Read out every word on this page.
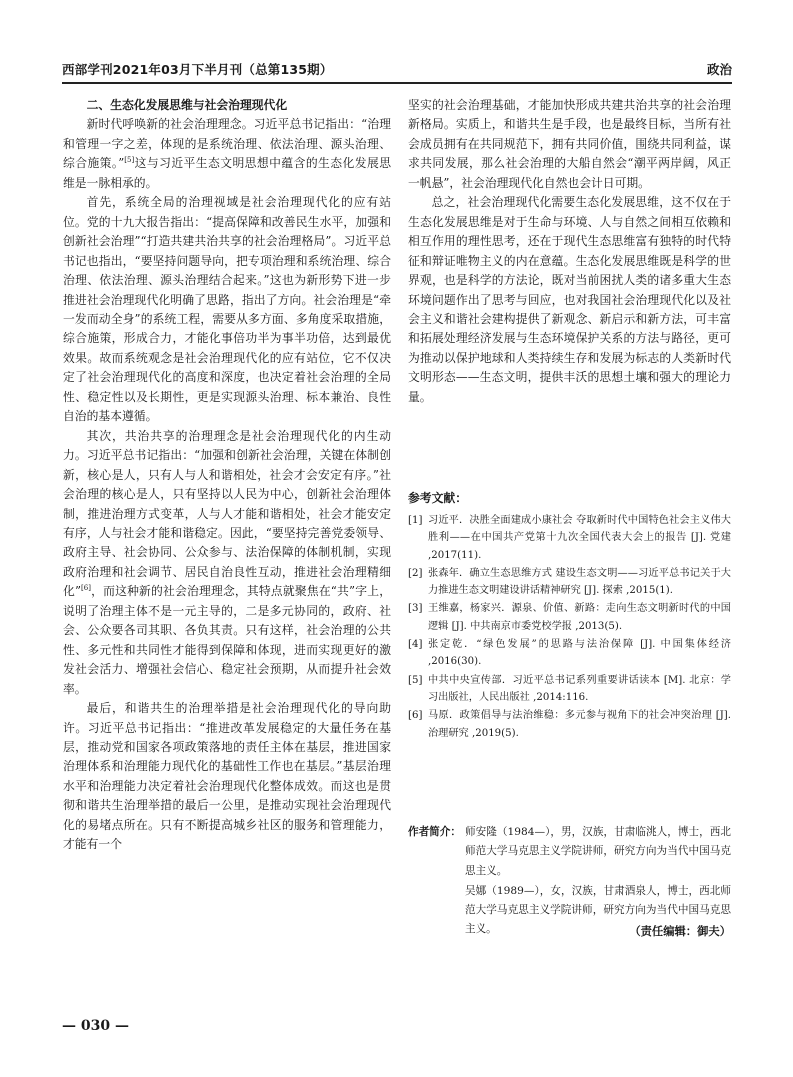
西部学刊2021年03月下半月刊（总第135期）	政治
二、生态化发展思维与社会治理现代化

新时代呼唤新的社会治理理念。习近平总书记指出：“治理和管理一字之差，体现的是系统治理、依法治理、源头治理、综合施策。”[5]这与习近平生态文明思想中蕴含的生态化发展思维是一脉相承的。

首先，系统全局的治理视域是社会治理现代化的应有站位。党的十九大报告指出：“提高保障和改善民生水平，加强和创新社会治理”“打造共建共治共享的社会治理格局”。习近平总书记也指出，“要坚持问题导向，把专项治理和系统治理、综合治理、依法治理、源头治理结合起来。”这也为新形势下进一步推进社会治理现代化明确了思路，指出了方向。社会治理是“牵一发而动全身”的系统工程，需要从多方面、多角度采取措施，综合施策，形成合力，才能化事倍功半为事半功倍，达到最优效果。故而系统观念是社会治理现代化的应有站位，它不仅决定了社会治理现代化的高度和深度，也决定着社会治理的全局性、稳定性以及长期性，更是实现源头治理、标本兼治、良性自治的基本遵循。

其次，共治共享的治理理念是社会治理现代化的内生动力。习近平总书记指出：“加强和创新社会治理，关键在体制创新，核心是人，只有人与人和谐相处，社会才会安定有序。”社会治理的核心是人，只有坚持以人民为中心，创新社会治理体制，推进治理方式变革，人与人才能和谐相处，社会才能安定有序，人与社会才能和谐稳定。因此，“要坚持完善党委领导、政府主导、社会协同、公众参与、法治保障的体制机制，实现政府治理和社会调节、居民自治良性互动，推进社会治理精细化”[6]，而这种新的社会治理理念，其特点就聚焦在“共”字上，说明了治理主体不是一元主导的，二是多元协同的，政府、社会、公众要各司其职、各负其责。只有这样，社会治理的公共性、多元性和共同性才能得到保障和体现，进而实现更好的激发社会活力、增强社会信心、稳定社会预期，从而提升社会效率。

最后，和谐共生的治理举措是社会治理现代化的导向助许。习近平总书记指出：“推进改革发展稳定的大量任务在基层，推动党和国家各项政策落地的责任主体在基层，推进国家治理体系和治理能力现代化的基础性工作也在基层。”基层治理水平和治理能力决定着社会治理现代化整体成效。而这也是贯彻和谐共生治理举措的最后一公里，是推动实现社会治理现代化的易堵点所在。只有不断提高城乡社区的服务和管理能力，才能有一个

坚实的社会治理基础，才能加快形成共建共治共享的社会治理新格局。实质上，和谐共生是手段，也是最终目标，当所有社会成员拥有在共同规范下，拥有共同价值，围绕共同利益，谋求共同发展，那么社会治理的大船自然会“潮平两岸阔，风正一帆悬”，社会治理现代化自然也会计日可期。

总之，社会治理现代化需要生态化发展思维，这不仅在于生态化发展思维是对于生命与环境、人与自然之间相互依赖和相互作用的理性思考，还在于现代生态思维富有独特的时代特征和辩证唯物主义的内在意蕴。生态化发展思维既是科学的世界观，也是科学的方法论，既对当前困扰人类的诸多重大生态环境问题作出了思考与回应，也对我国社会治理现代化以及社会主义和谐社会建构提供了新观念、新启示和新方法，可丰富和拓展处理经济发展与生态环境保护关系的方法与路径，更可为推动以保护地球和人类持续生存和发展为标志的人类新时代文明形态——生态文明，提供丰沃的思想土壤和强大的理论力量。

参考文献：
[1] 习近平．决胜全面建成小康社会 夺取新时代中国特色社会主义伟大胜利——在中国共产党第十九次全国代表大会上的报告 [J]. 党建 ,2017(11).
[2] 张森年．确立生态思维方式 建设生态文明——习近平总书记关于大力推进生态文明建设讲话精神研究 [J]. 探索 ,2015(1).
[3] 王维嘉，杨家兴．源泉、价值、新路：走向生态文明新时代的中国逻辑 [J]. 中共南京市委党校学报 ,2013(5).
[4] 张定乾．“绿色发展”的思路与法治保障 [J]. 中国集体经济 ,2016(30).
[5] 中共中央宣传部．习近平总书记系列重要讲话读本 [M]. 北京：学习出版社，人民出版社 ,2014:116.
[6] 马原．政策倡导与法治维稳：多元参与视角下的社会冲突治理 [J]. 治理研究 ,2019(5).
作者简介： 师安隆（1984—），男，汉族，甘肃临洮人，博士，西北师范大学马克思主义学院讲师，研究方向为当代中国马克思主义。
吴娜（1989—），女，汉族，甘肃酒泉人，博士，西北师范大学马克思主义学院讲师，研究方向为当代中国马克思主义。	（责任编辑：御夫）
— 030 —
